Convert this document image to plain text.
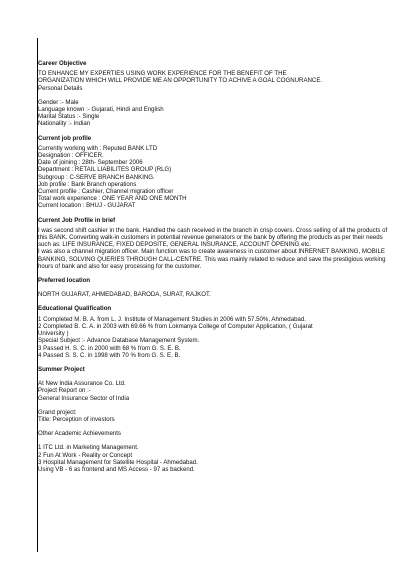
Career Objective
TO ENHANCE MY EXPERTIES USING WORK EXPERIENCE FOR THE BENEFIT OF THE
ORGANIZATION WHICH WILL PROVIDE ME AN OPPORTUNITY TO ACHIVE A GOAL COGNURANCE.
Personal Details
Gender :- Male
Language known :- Gujarati, Hindi and English
Marital Status :- Single
Nationality :- Indian
Current job profile
Currently working with : Reputed BANK LTD
Designation : OFFICER.
Date of joining : 28th- September 2006
Department : RETAIL LIABILITES GROUP (RLG)
Subgroup : C-SERVE BRANCH BANKING.
Job profile : Bank Branch operations
Current profile : Cashier, Channel migration officer
Total work experience : ONE YEAR AND ONE MONTH
Current location : BHUJ - GUJARAT
Current Job Profile in brief
I was second shift cashier in the bank. Handled the cash received in the branch in crisp covers. Cross selling of all the products of this BANK. Converting walk-in customers in potential revenue generators or the bank by offering the products as per their needs such as: LIFE INSURANCE, FIXED DEPOSITE, GENERAL INSURANCE, ACCOUNT OPENING etc.
I was also a channel migration officer. Main function was to create awareness in customer about INRERNET BANKING, MOBILE BANKING, SOLVING QUERIES THROUGH CALL-CENTRE. This was mainly related to reduce and save the prestigious working hours of bank and also for easy processing for the customer.
Preferred location
NORTH GUJARAT, AHMEDABAD, BARODA, SURAT, RAJKOT.
Educational Qualification
1 Completed M. B. A. from L. J. Institute of Management Studies in 2006 with 57.50%, Ahmedabad.
2 Completed B. C. A. in 2003 with 69.66 % from Lokmanya College of Computer Application, ( Gujarat
University )
Special Subject :- Advance Database Management System.
3 Passed H. S. C. in 2000 with 68 % from G. S. E. B.
4 Passed S. S. C. in 1998 with 70 % from G. S. E. B.
Summer Project
At New India Assurance Co. Ltd.
Project Report on :-
General Insurance Sector of India
Grand project:
Title: Perception of investors
Other Academic Achievements
1 ITC Ltd. in Marketing Management.
2 Fun At Work - Reality or Concept
3 Hospital Management for Satellite Hospital - Ahmedabad.
Using VB - 6 as frontend and MS Access - 97 as backend.
